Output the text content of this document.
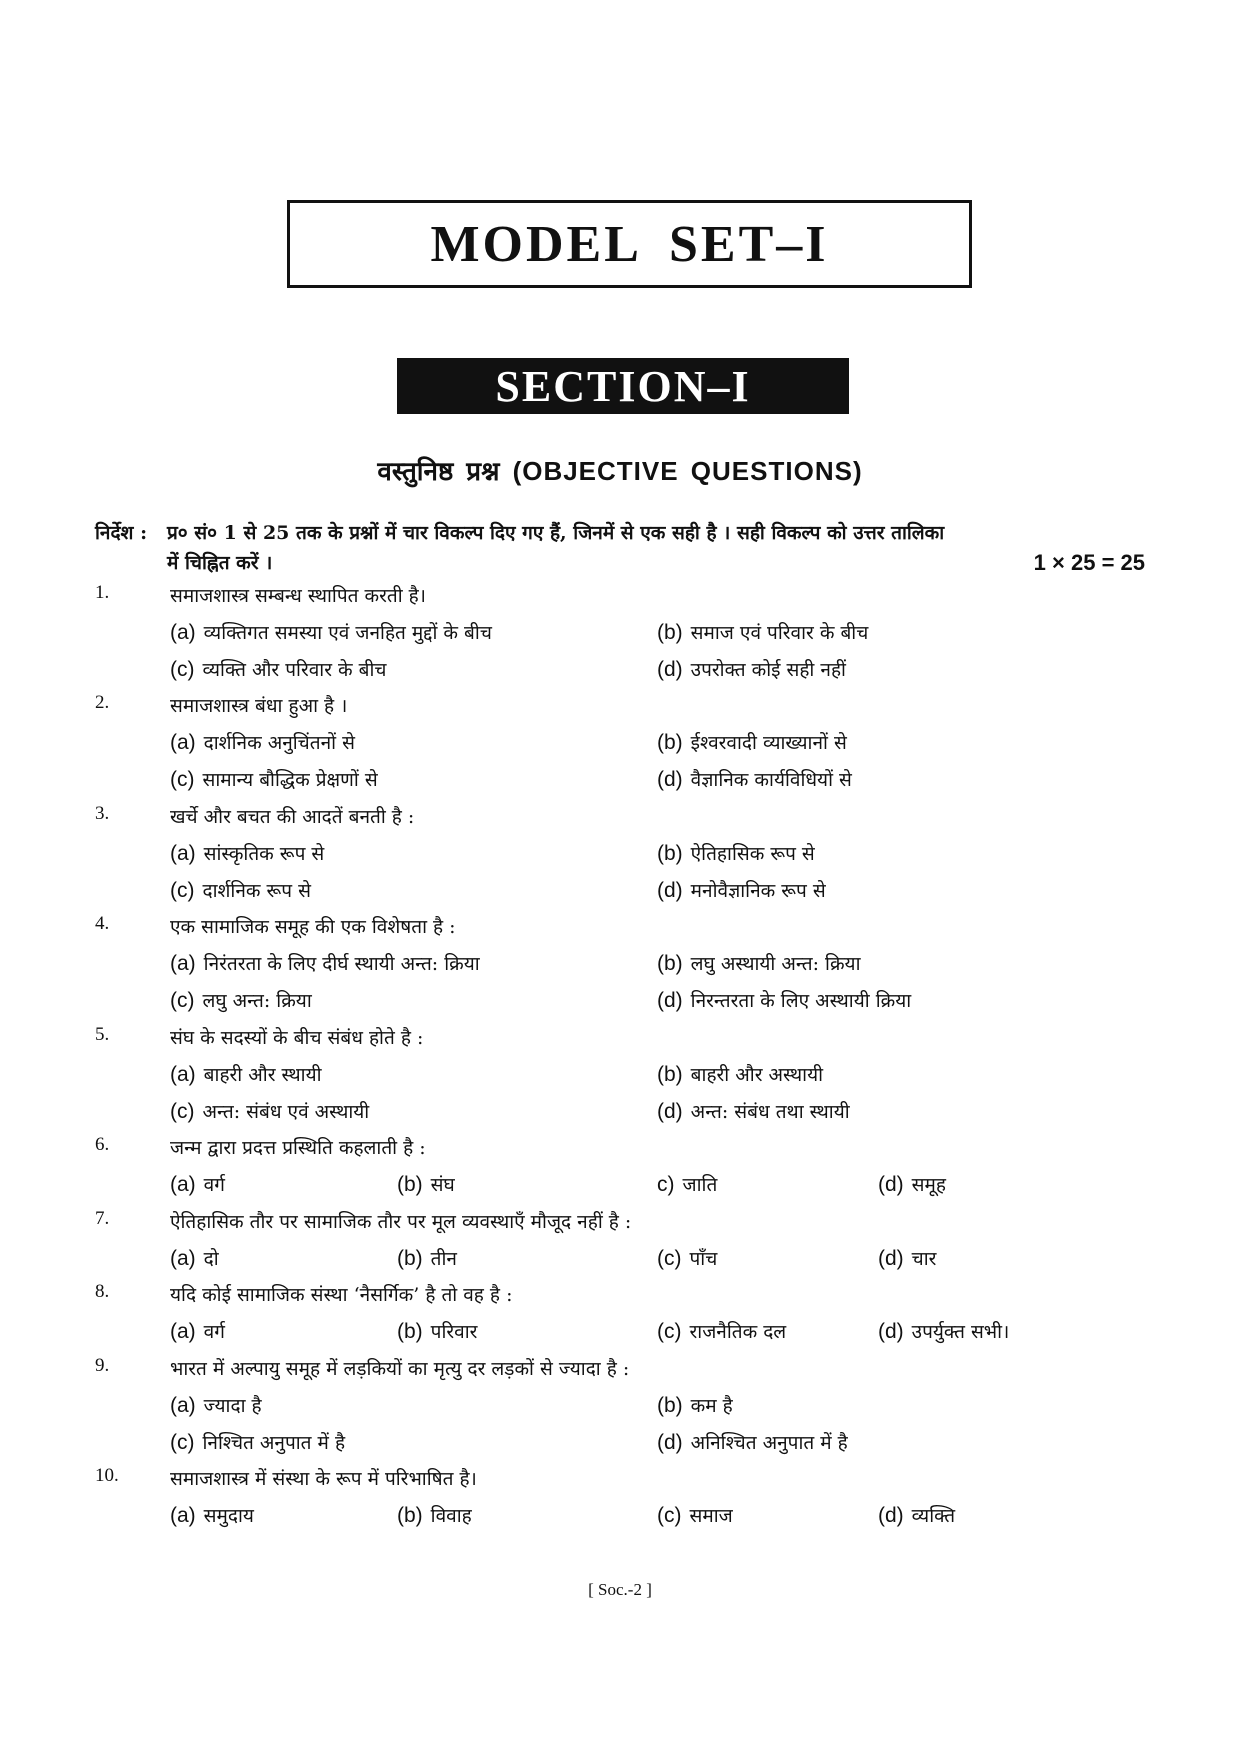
MODEL SET–I
SECTION–I
वस्तुनिष्ठ प्रश्न (OBJECTIVE QUESTIONS)
निर्देश : प्र० सं० 1 से 25 तक के प्रश्नों में चार विकल्प दिए गए हैं, जिनमें से एक सही है । सही विकल्प को उत्तर तालिका
में चिह्नित करें ।	1 × 25 = 25
1.	समाजशास्त्र सम्बन्ध स्थापित करती है।
(a) व्यक्तिगत समस्या एवं जनहित मुद्दों के बीच	(b) समाज एवं परिवार के बीच
(c) व्यक्ति और परिवार के बीच	(d) उपरोक्त कोई सही नहीं
2.	समाजशास्त्र बंधा हुआ है ।
(a) दार्शनिक अनुचिंतनों से	(b) ईश्वरवादी व्याख्यानों से
(c) सामान्य बौद्धिक प्रेक्षणों से	(d) वैज्ञानिक कार्यविधियों से
3.	खर्चे और बचत की आदतें बनती है :
(a) सांस्कृतिक रूप से	(b) ऐतिहासिक रूप से
(c) दार्शनिक रूप से	(d) मनोवैज्ञानिक रूप से
4.	एक सामाजिक समूह की एक विशेषता है :
(a) निरंतरता के लिए दीर्घ स्थायी अन्त: क्रिया	(b) लघु अस्थायी अन्त: क्रिया
(c) लघु अन्त: क्रिया	(d) निरन्तरता के लिए अस्थायी क्रिया
5.	संघ के सदस्यों के बीच संबंध होते है :
(a) बाहरी और स्थायी	(b) बाहरी और अस्थायी
(c) अन्त: संबंध एवं अस्थायी	(d) अन्त: संबंध तथा स्थायी
6.	जन्म द्वारा प्रदत्त प्रस्थिति कहलाती है :
(a) वर्ग	(b) संघ	c) जाति	(d) समूह
7.	ऐतिहासिक तौर पर सामाजिक तौर पर मूल व्यवस्थाएँ मौजूद नहीं है :
(a) दो	(b) तीन	(c) पाँच	(d) चार
8.	यदि कोई सामाजिक संस्था ‘नैसर्गिक’ है तो वह है :
(a) वर्ग	(b) परिवार	(c) राजनैतिक दल	(d) उपर्युक्त सभी।
9.	भारत में अल्पायु समूह में लड़कियों का मृत्यु दर लड़कों से ज्यादा है :
(a) ज्यादा है	(b) कम है
(c) निश्चित अनुपात में है	(d) अनिश्चित अनुपात में है
10.	समाजशास्त्र में संस्था के रूप में परिभाषित है।
(a) समुदाय	(b) विवाह	(c) समाज	(d) व्यक्ति
[ Soc.-2 ]
